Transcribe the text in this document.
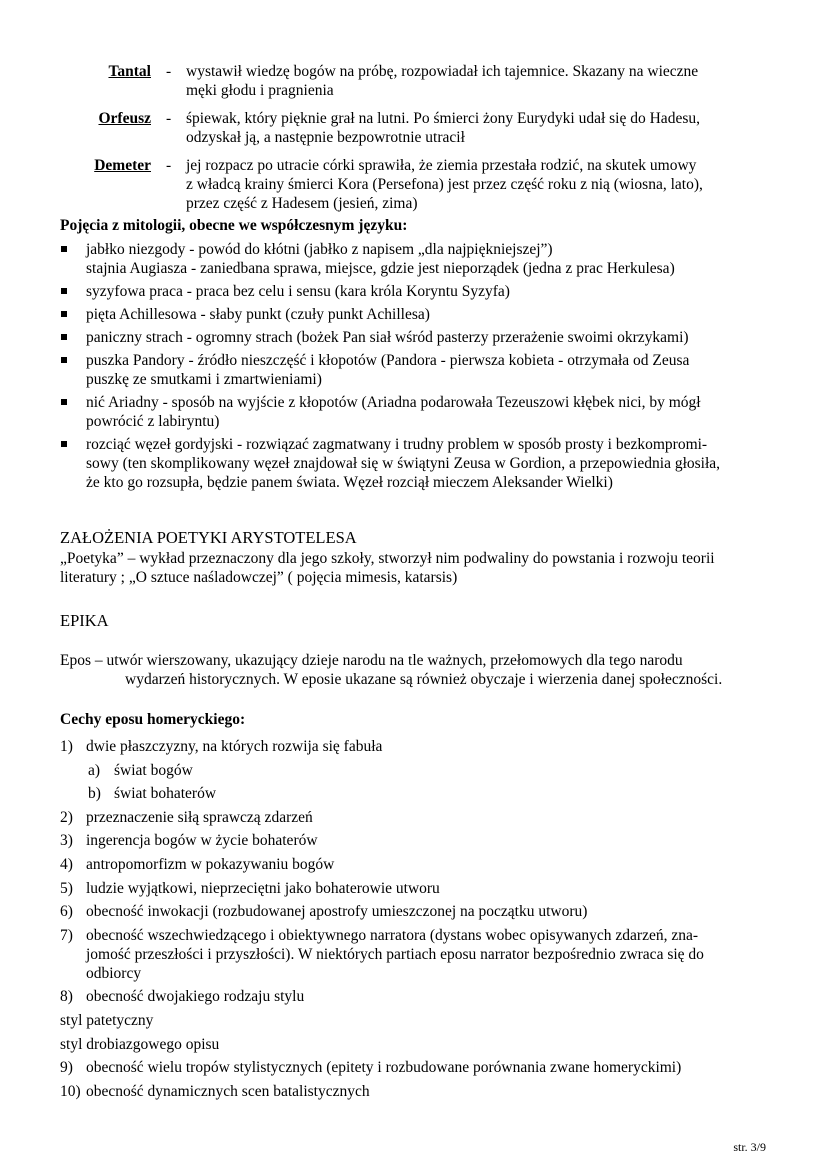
Tantal - wystawił wiedzę bogów na próbę, rozpowiadał ich tajemnice. Skazany na wieczne
męki głodu i pragnienia
Orfeusz - śpiewak, który pięknie grał na lutni. Po śmierci żony Eurydyki udał się do Hadesu,
odzyskał ją, a następnie bezpowrotnie utracił
Demeter - jej rozpacz po utracie córki sprawiła, że ziemia przestała rodzić, na skutek umowy
z władcą krainy śmierci Kora (Persefona) jest przez część roku z nią (wiosna, lato),
przez część z Hadesem (jesień, zima)
Pojęcia z mitologii, obecne we współczesnym języku:
jabłko niezgody - powód do kłótni (jabłko z napisem „dla najpiękniejszej”)
stajnia Augiasza - zaniedbana sprawa, miejsce, gdzie jest nieporządek (jedna z prac Herkulesa)
syzyfowa praca - praca bez celu i sensu (kara króla Koryntu Syzyfa)
pięta Achillesowa - słaby punkt (czuły punkt Achillesa)
paniczny strach - ogromny strach (bożek Pan siał wśród pasterzy przerażenie swoimi okrzykami)
puszka Pandory - źródło nieszczęść i kłopotów (Pandora - pierwsza kobieta - otrzymała od Zeusa
puszkę ze smutkami i zmartwieniami)
nić Ariadny - sposób na wyjście z kłopotów (Ariadna podarowała Tezeuszowi kłębek nici, by mógł
powrócić z labiryntu)
rozciąć węzeł gordyjski - rozwiązać zagmatwany i trudny problem w sposób prosty i bezkompromi-
sowy (ten skomplikowany węzeł znajdował się w świątyni Zeusa w Gordion, a przepowiednia głosiła,
że kto go rozsupła, będzie panem świata. Węzeł rozciął mieczem Aleksander Wielki)
ZAŁOŻENIA POETYKI ARYSTOTELESA
„Poetyka” – wykład przeznaczony dla jego szkoły, stworzył nim podwaliny do powstania i rozwoju teorii
literatury ; „O sztuce naśladowczej” ( pojęcia mimesis, katarsis)
EPIKA
Epos – utwór wierszowany, ukazujący dzieje narodu na tle ważnych, przełomowych dla tego narodu
wydarzeń historycznych. W eposie ukazane są również obyczaje i wierzenia danej społeczności.
Cechy eposu homeryckiego:
1) dwie płaszczyzny, na których rozwija się fabuła
a) świat bogów
b) świat bohaterów
2) przeznaczenie siłą sprawczą zdarzeń
3) ingerencja bogów w życie bohaterów
4) antropomorfizm w pokazywaniu bogów
5) ludzie wyjątkowi, nieprzeciętni jako bohaterowie utworu
6) obecność inwokacji (rozbudowanej apostrofy umieszczonej na początku utworu)
7) obecność wszechwiedzącego i obiektywnego narratora (dystans wobec opisywanych zdarzeń, zna-
jomość przeszłości i przyszłości). W niektórych partiach eposu narrator bezpośrednio zwraca się do
odbiorcy
8) obecność dwojakiego rodzaju stylu
styl patetyczny
styl drobiazgowego opisu
9) obecność wielu tropów stylistycznych (epitety i rozbudowane porównania zwane homeryckimi)
10) obecność dynamicznych scen batalistycznych
str. 3/9
